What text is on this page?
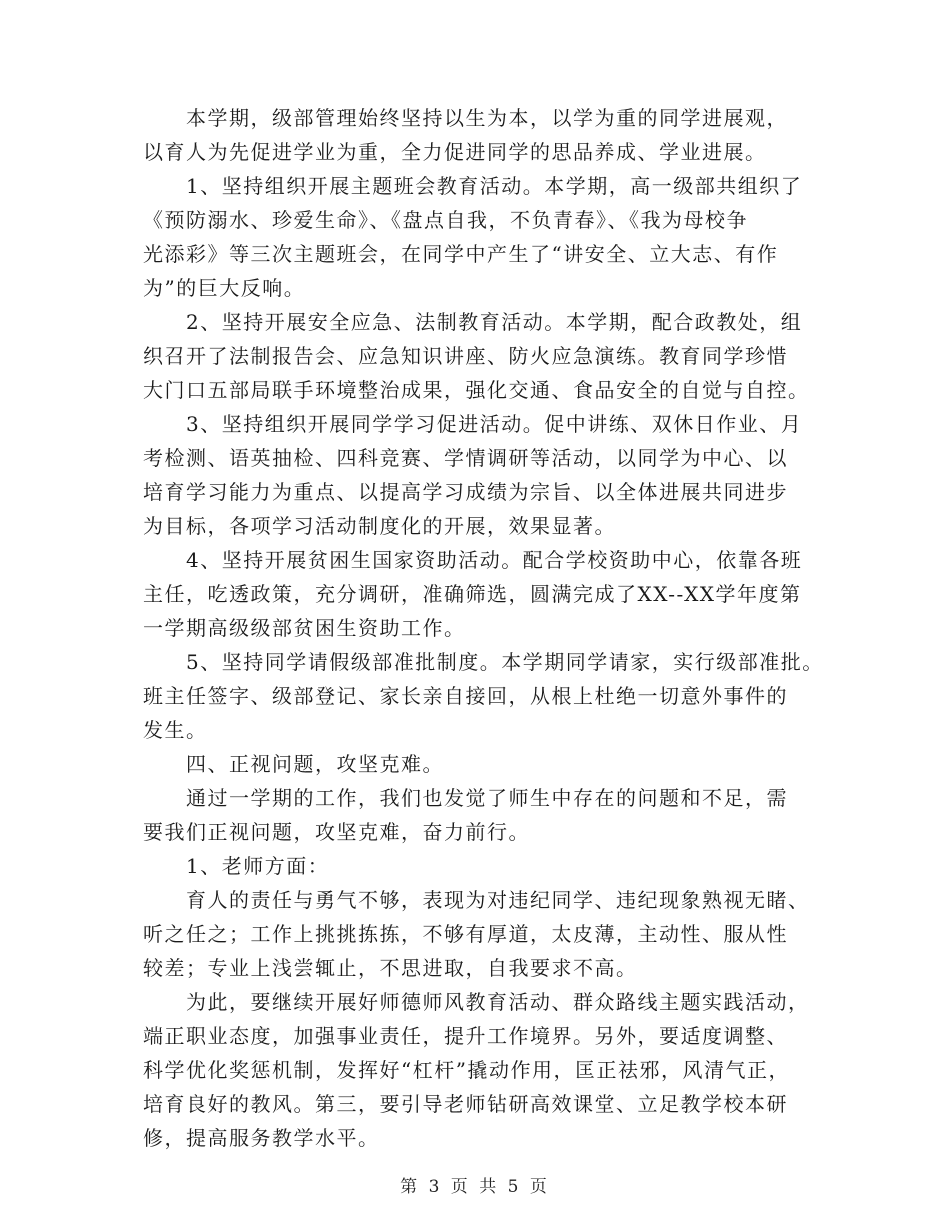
　　本学期，级部管理始终坚持以生为本，以学为重的同学进展观，
以育人为先促进学业为重，全力促进同学的思品养成、学业进展。
　　1、坚持组织开展主题班会教育活动。本学期，高一级部共组织了
《预防溺水、珍爱生命》、《盘点自我，不负青春》、《我为母校争
光添彩》等三次主题班会，在同学中产生了“讲安全、立大志、有作
为”的巨大反响。
　　2、坚持开展安全应急、法制教育活动。本学期，配合政教处，组
织召开了法制报告会、应急知识讲座、防火应急演练。教育同学珍惜
大门口五部局联手环境整治成果，强化交通、食品安全的自觉与自控。
　　3、坚持组织开展同学学习促进活动。促中讲练、双休日作业、月
考检测、语英抽检、四科竞赛、学情调研等活动，以同学为中心、以
培育学习能力为重点、以提高学习成绩为宗旨、以全体进展共同进步
为目标，各项学习活动制度化的开展，效果显著。
　　4、坚持开展贫困生国家资助活动。配合学校资助中心，依靠各班
主任，吃透政策，充分调研，准确筛选，圆满完成了XX--XX学年度第
一学期高级级部贫困生资助工作。
　　5、坚持同学请假级部准批制度。本学期同学请家，实行级部准批。
班主任签字、级部登记、家长亲自接回，从根上杜绝一切意外事件的
发生。
　　四、正视问题，攻坚克难。
　　通过一学期的工作，我们也发觉了师生中存在的问题和不足，需
要我们正视问题，攻坚克难，奋力前行。
　　1、老师方面：
　　育人的责任与勇气不够，表现为对违纪同学、违纪现象熟视无睹、
听之任之；工作上挑挑拣拣，不够有厚道，太皮薄，主动性、服从性
较差；专业上浅尝辄止，不思进取，自我要求不高。
　　为此，要继续开展好师德师风教育活动、群众路线主题实践活动，
端正职业态度，加强事业责任，提升工作境界。另外，要适度调整、
科学优化奖惩机制，发挥好“杠杆”撬动作用，匡正祛邪，风清气正，
培育良好的教风。第三，要引导老师钻研高效课堂、立足教学校本研
修，提高服务教学水平。
第 3 页 共 5 页
